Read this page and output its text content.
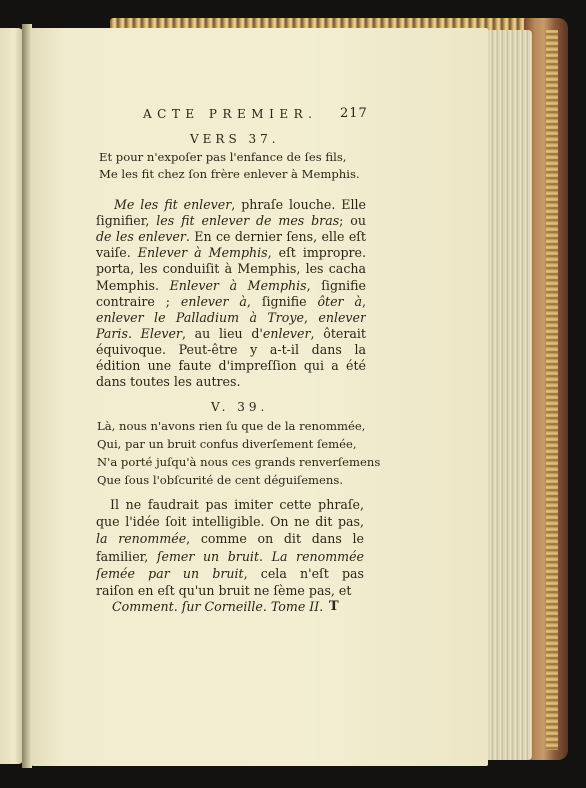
ACTE PREMIER. 217
VERS 37.
Et pour n'expoſer pas l'enfance de ſes fils,
Me les fit chez ſon frère enlever à Memphis.
Me les fit enlever, phraſe louche. Elle
ſignifier, les fit enlever de mes bras; ou
de les enlever. En ce dernier ſens, elle eſt
vaiſe. Enlever à Memphis, eſt impropre.
porta, les conduiſit à Memphis, les cacha
Memphis. Enlever à Memphis, ſignifie
contraire ; enlever à, ſignifie ôter à,
enlever le Palladium à Troye, enlever
Paris. Elever, au lieu d'enlever, ôterait
équivoque. Peut-être y a-t-il dans la
édition une faute d'impreſſion qui a été
dans toutes les autres.
V. 39.
Là, nous n'avons rien ſu que de la renommée,
Qui, par un bruit confus diverſement ſemée,
N'a porté juſqu'à nous ces grands renverſemens
Que ſous l'obſcurité de cent déguiſemens.
Il ne faudrait pas imiter cette phraſe,
que l'idée ſoit intelligible. On ne dit pas,
la renommée, comme on dit dans le
familier, ſemer un bruit. La renommée
ſemée par un bruit, cela n'eſt pas
raiſon en eſt qu'un bruit ne ſème pas, et
Comment. ſur Corneille. Tome II. T
